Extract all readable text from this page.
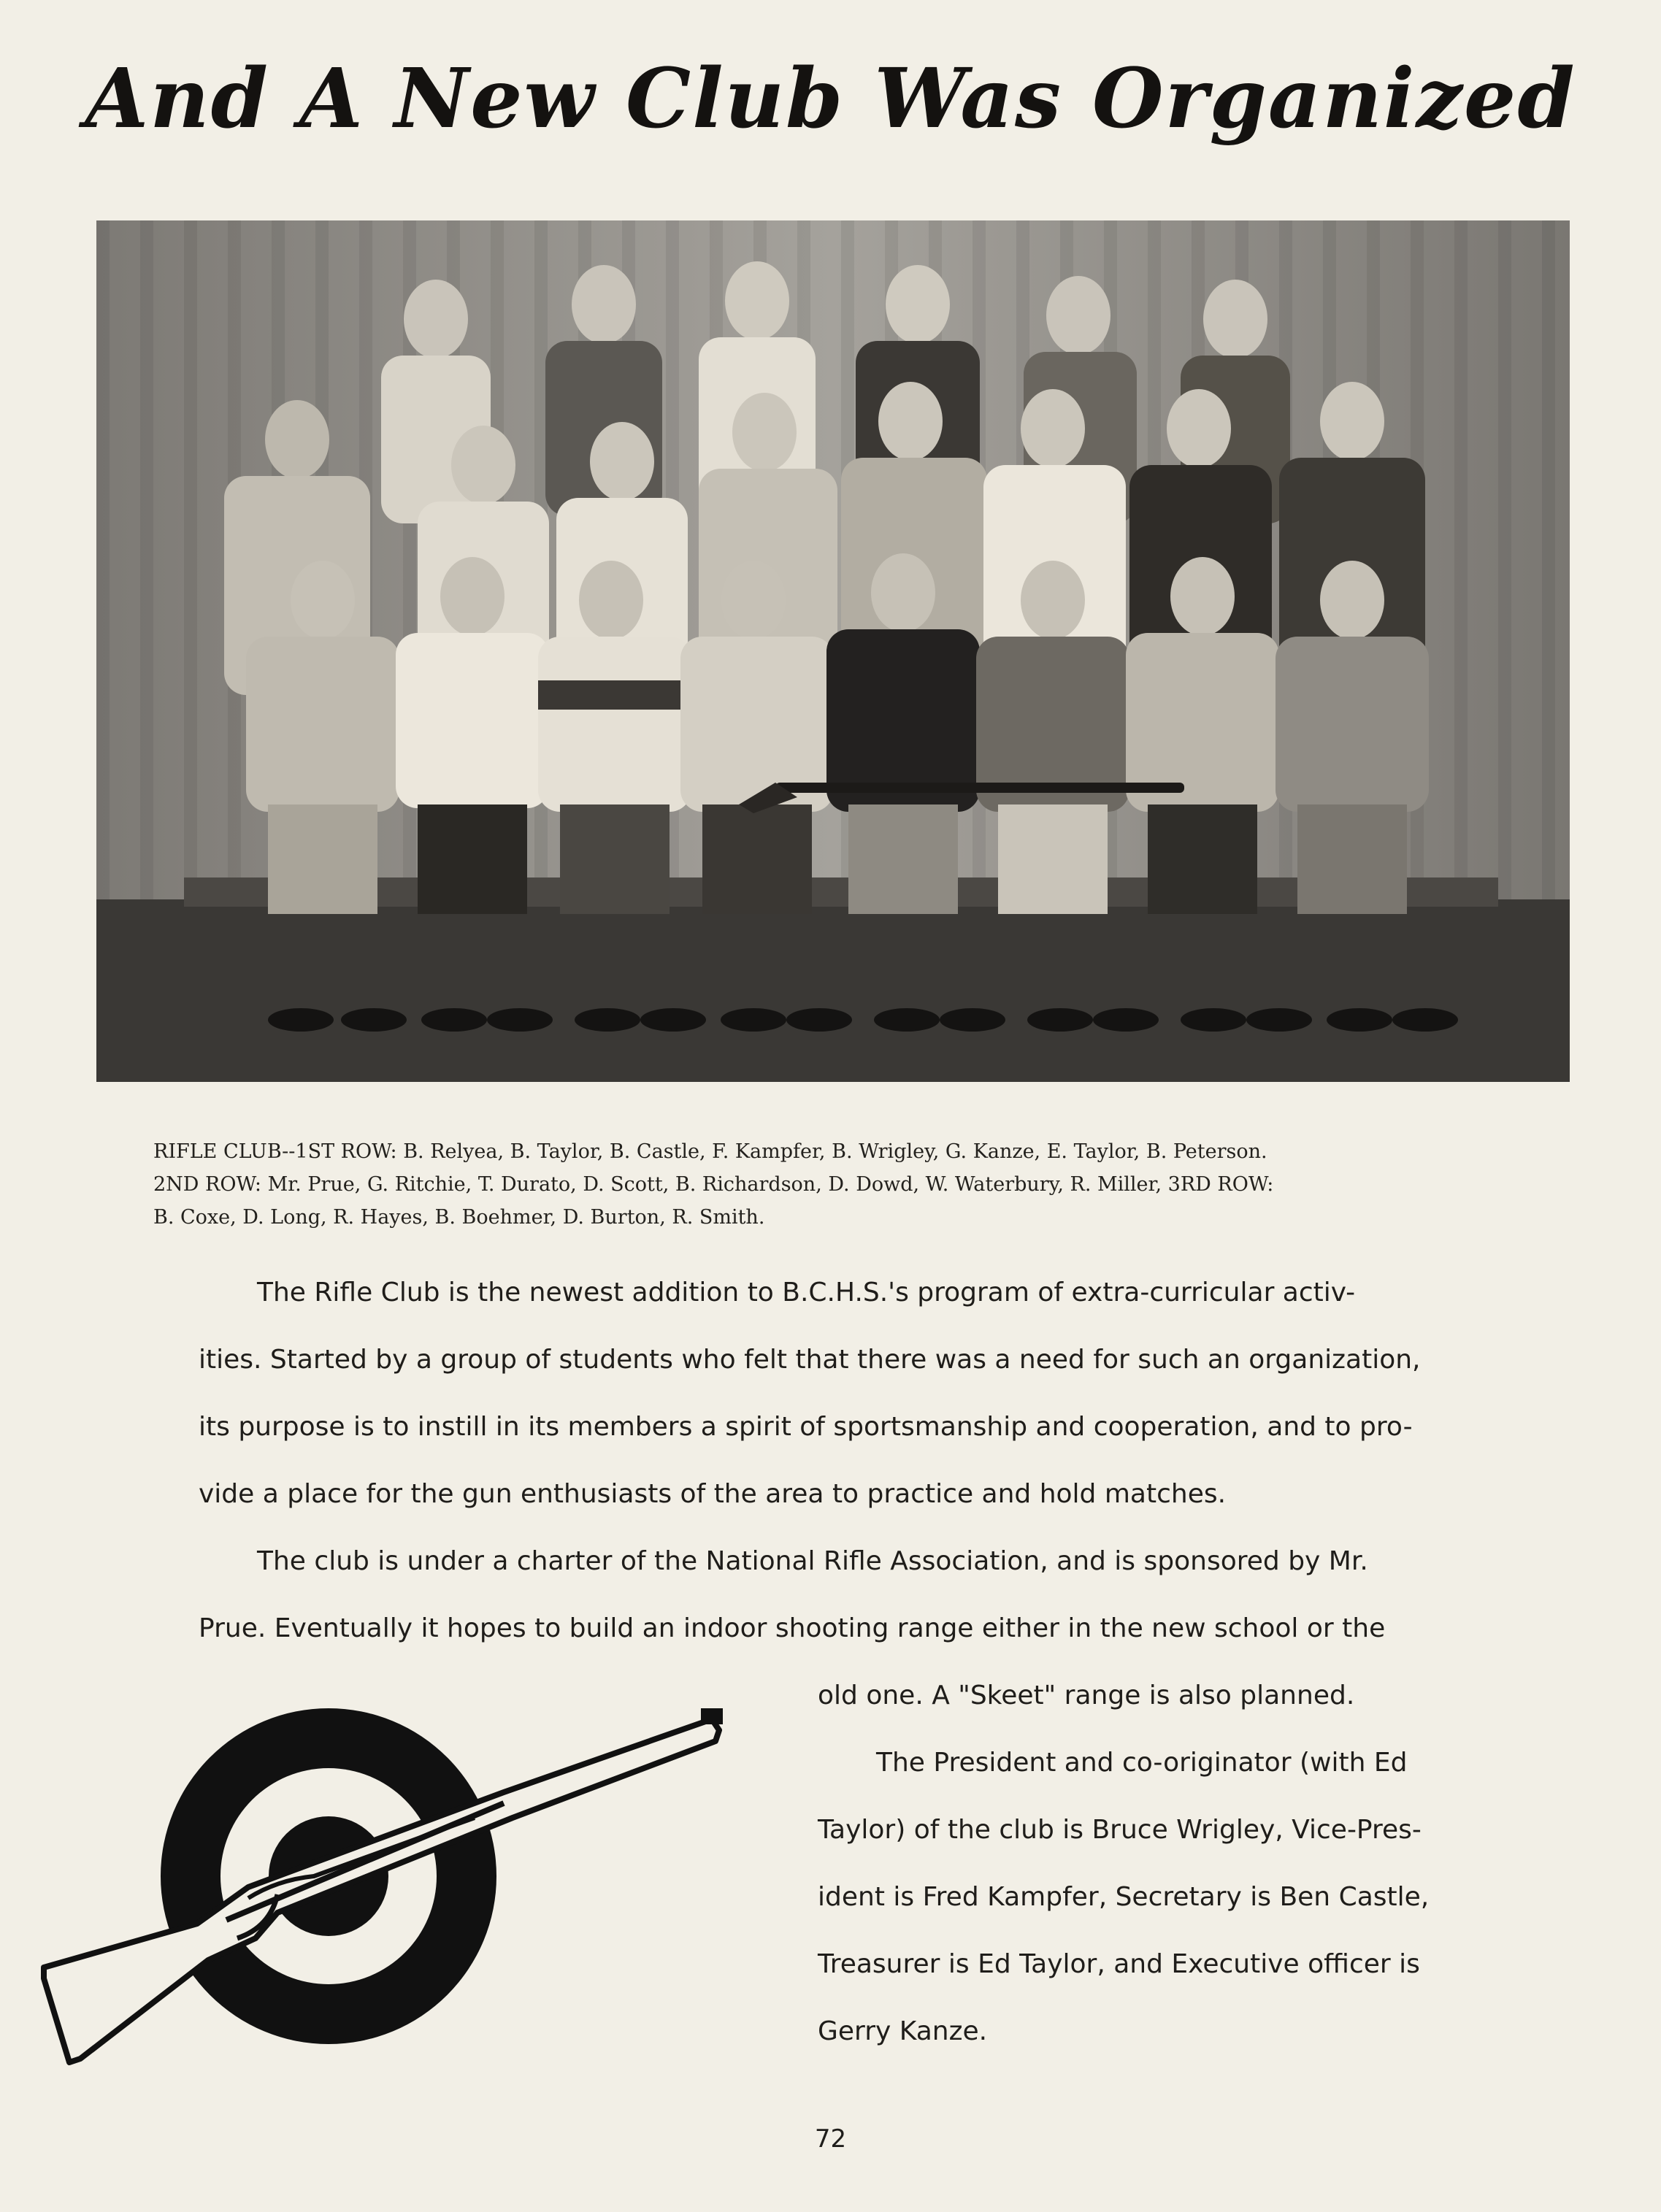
And A New Club Was Organized
RIFLE CLUB--1ST ROW: B. Relyea, B. Taylor, B. Castle, F. Kampfer, B. Wrigley, G. Kanze, E. Taylor, B. Peterson.
2ND ROW: Mr. Prue, G. Ritchie, T. Durato, D. Scott, B. Richardson, D. Dowd, W. Waterbury, R. Miller, 3RD ROW:
B. Coxe, D. Long, R. Hayes, B. Boehmer, D. Burton, R. Smith.
The Rifle Club is the newest addition to B.C.H.S.'s program of extra-curricular activ-
ities. Started by a group of students who felt that there was a need for such an organization,
its purpose is to instill in its members a spirit of sportsmanship and cooperation, and to pro-
vide a place for the gun enthusiasts of the area to practice and hold matches.
The club is under a charter of the National Rifle Association, and is sponsored by Mr.
Prue. Eventually it hopes to build an indoor shooting range either in the new school or the
old one. A "Skeet" range is also planned.
The President and co-originator (with Ed
Taylor) of the club is Bruce Wrigley, Vice-Pres-
ident is Fred Kampfer, Secretary is Ben Castle,
Treasurer is Ed Taylor, and Executive officer is
Gerry Kanze.
72
